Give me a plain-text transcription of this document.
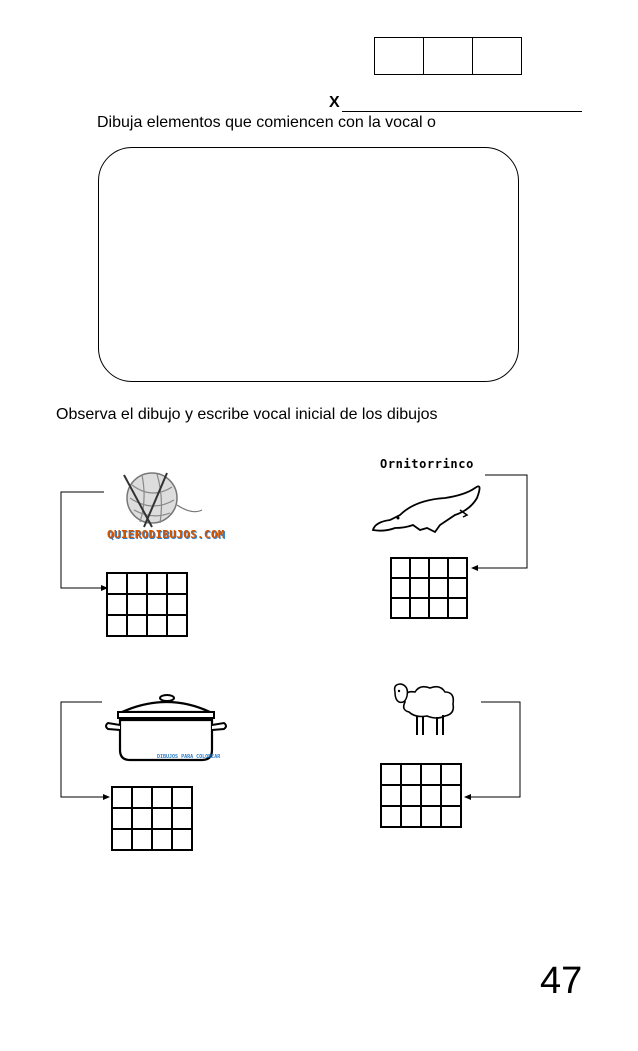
X
Dibuja elementos que comiencen con la vocal o
Observa el dibujo y escribe vocal inicial de los dibujos
QUIERODIBUJOS.COM
Ornitorrinco
DIBUJOS PARA COLOREAR
47
